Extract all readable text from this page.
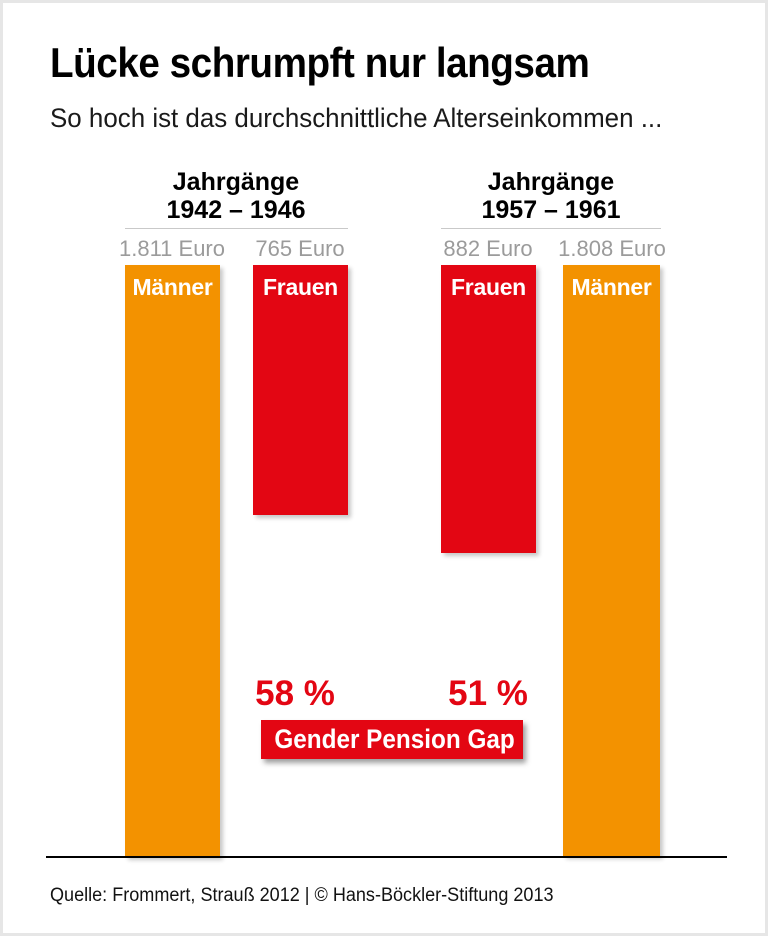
Lücke schrumpft nur langsam
So hoch ist das durchschnittliche Alterseinkommen ...
Jahrgänge
1942 – 1946
Jahrgänge
1957 – 1961
1.811 Euro	765 Euro	882 Euro	1.808 Euro
Männer	Frauen	Frauen	Männer
58 %	51 %
Gender Pension Gap
Quelle: Frommert, Strauß 2012 | © Hans-Böckler-Stiftung 2013
